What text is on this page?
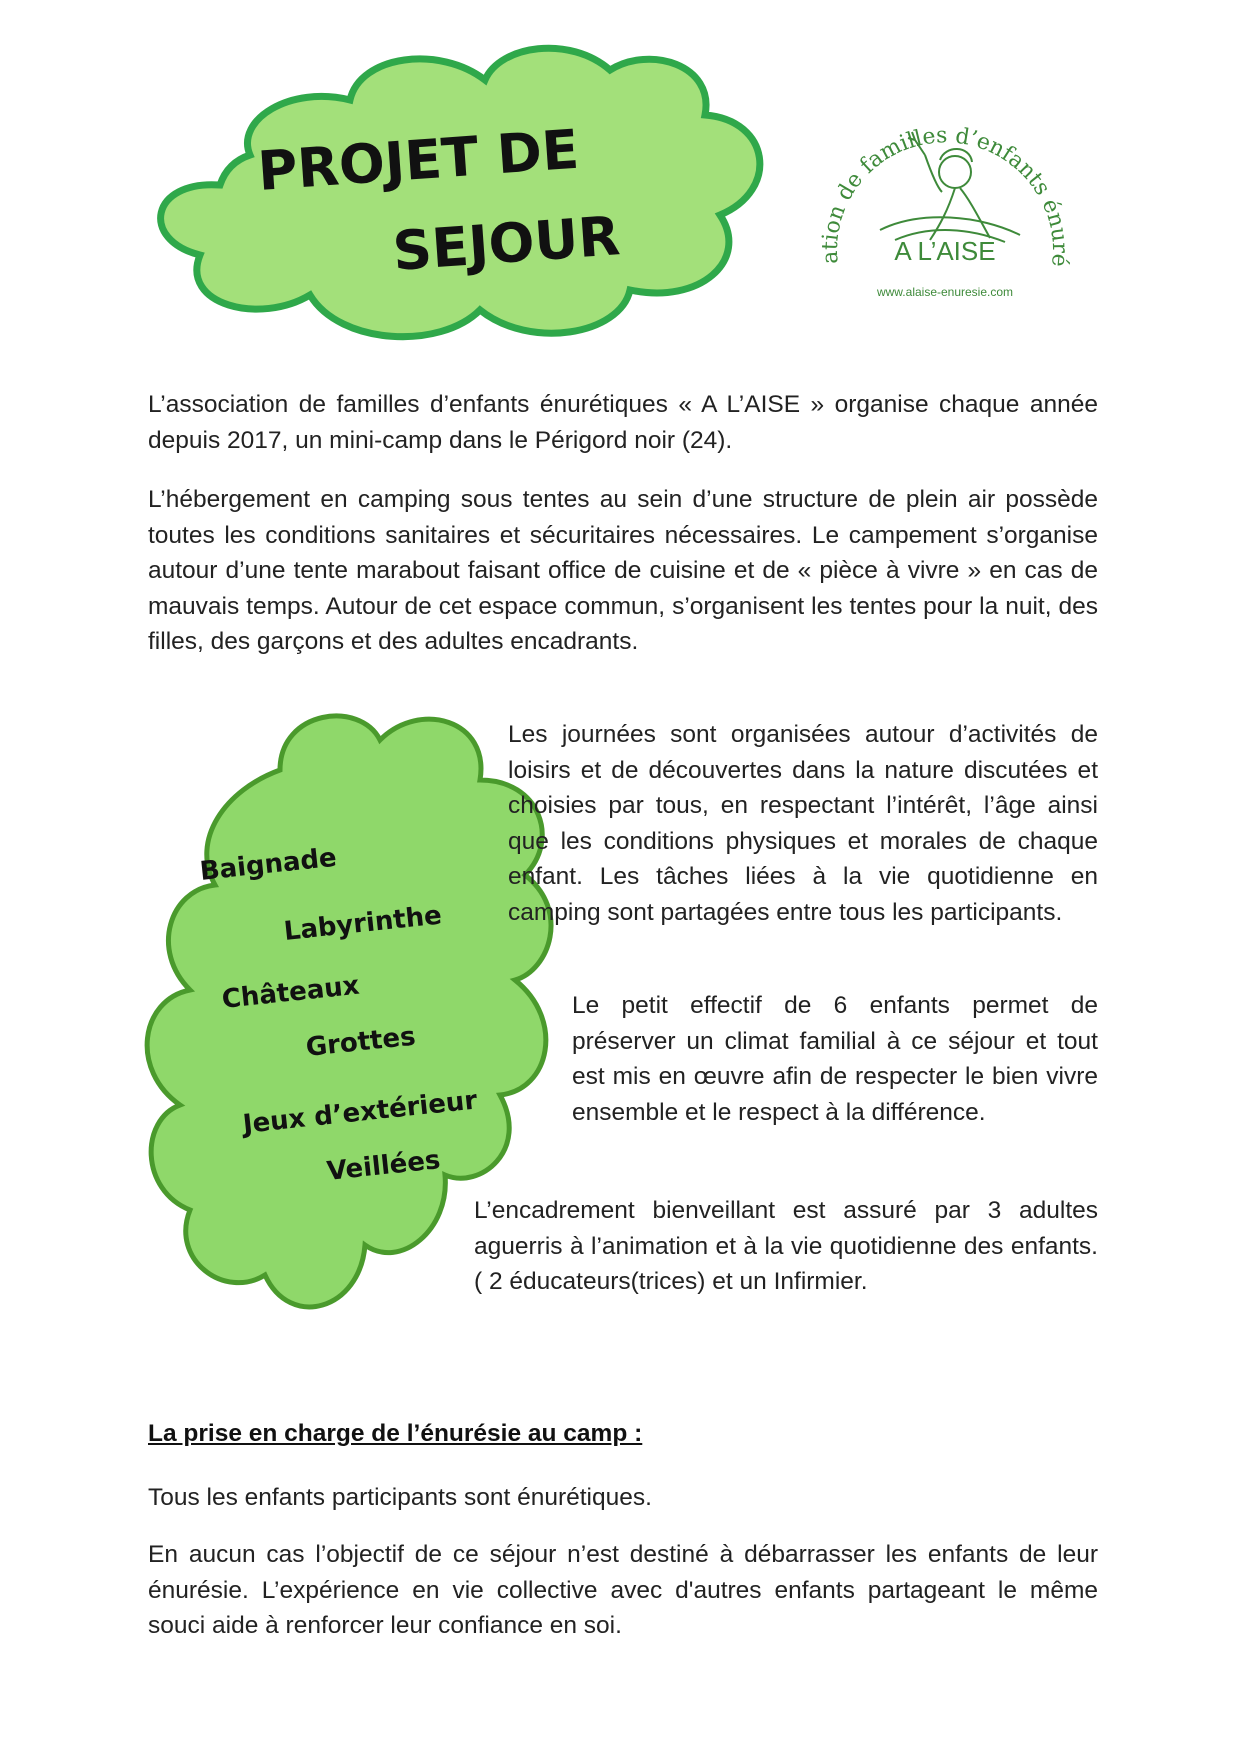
PROJET DE
SEJOUR	ation de familles d’enfants énuré
A L’AISE
www.alaise-enuresie.com

L’association de familles d’enfants énurétiques « A L’AISE » organise chaque année depuis 2017, un mini-camp dans le Périgord noir (24).

L’hébergement en camping sous tentes au sein d’une structure de plein air possède toutes les conditions sanitaires et sécuritaires nécessaires. Le campement s’organise autour d’une tente marabout faisant office de cuisine et de « pièce à vivre » en cas de mauvais temps. Autour de cet espace commun, s’organisent les tentes pour la nuit, des filles, des garçons et des adultes encadrants.

Baignade
Labyrinthe
Châteaux
Grottes
Jeux d’extérieur
Veillées

Les journées sont organisées autour d’activités de loisirs et de découvertes dans la nature discutées et choisies par tous, en respectant l’intérêt, l’âge ainsi que les conditions physiques et morales de chaque enfant. Les tâches liées à la vie quotidienne en camping sont partagées entre tous les participants.

Le petit effectif de 6 enfants permet de préserver un climat familial à ce séjour et tout est mis en œuvre afin de respecter le bien vivre ensemble et le respect à la différence.

L’encadrement bienveillant est assuré par 3 adultes aguerris à l’animation et à la vie quotidienne des enfants. ( 2 éducateurs(trices) et un Infirmier.

La prise en charge de l’énurésie au camp :

Tous les enfants participants sont énurétiques.

En aucun cas l’objectif de ce séjour n’est destiné à débarrasser les enfants de leur énurésie. L’expérience en vie collective avec d'autres enfants partageant le même souci aide à renforcer leur confiance en soi.
